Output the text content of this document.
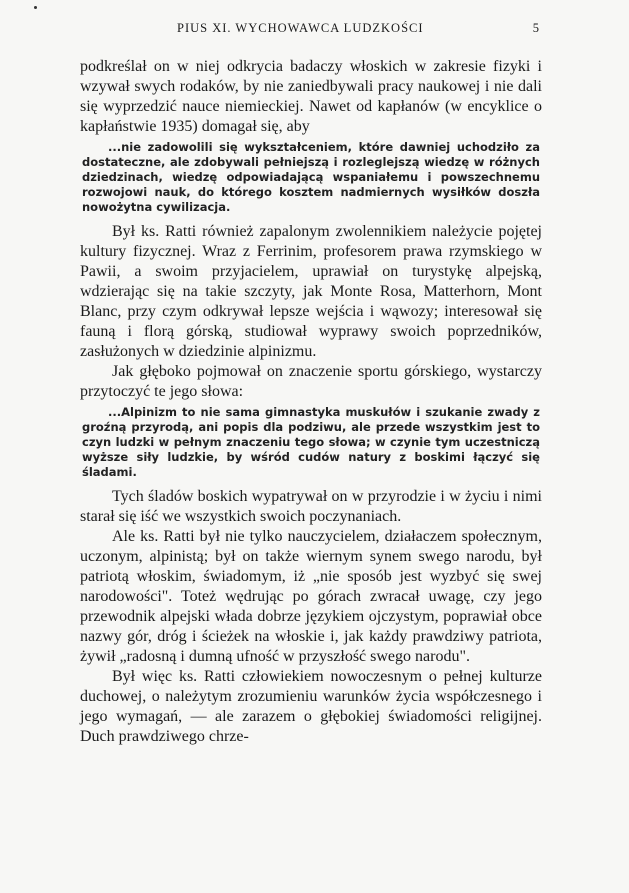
PIUS XI. WYCHOWAWCA LUDZKOŚCI	5

podkreślał on w niej odkrycia badaczy włoskich w zakresie fizyki i wzywał swych rodaków, by nie zaniedbywali pracy naukowej i nie dali się wyprzedzić nauce niemieckiej. Nawet od kapłanów (w encyklice o kapłaństwie 1935) domagał się, aby

...nie zadowolili się wykształceniem, które dawniej uchodziło za dostateczne, ale zdobywali pełniejszą i rozleglejszą wiedzę w różnych dziedzinach, wiedzę odpowiadającą wspaniałemu i powszechnemu rozwojowi nauk, do którego kosztem nadmiernych wysiłków doszła nowożytna cywilizacja.

Był ks. Ratti również zapalonym zwolennikiem należycie pojętej kultury fizycznej. Wraz z Ferrinim, profesorem prawa rzymskiego w Pawii, a swoim przyjacielem, uprawiał on turystykę alpejską, wdzierając się na takie szczyty, jak Monte Rosa, Matterhorn, Mont Blanc, przy czym odkrywał lepsze wejścia i wąwozy; interesował się fauną i florą górską, studiował wyprawy swoich poprzedników, zasłużonych w dziedzinie alpinizmu.

Jak głęboko pojmował on znaczenie sportu górskiego, wystarczy przytoczyć te jego słowa:

...Alpinizm to nie sama gimnastyka muskułów i szukanie zwady z groźną przyrodą, ani popis dla podziwu, ale przede wszystkim jest to czyn ludzki w pełnym znaczeniu tego słowa; w czynie tym uczestniczą wyższe siły ludzkie, by wśród cudów natury z boskimi łączyć się śladami.

Tych śladów boskich wypatrywał on w przyrodzie i w życiu i nimi starał się iść we wszystkich swoich poczynaniach.

Ale ks. Ratti był nie tylko nauczycielem, działaczem społecznym, uczonym, alpinistą; był on także wiernym synem swego narodu, był patriotą włoskim, świadomym, iż „nie sposób jest wyzbyć się swej narodowości". Toteż wędrując po górach zwracał uwagę, czy jego przewodnik alpejski włada dobrze językiem ojczystym, poprawiał obce nazwy gór, dróg i ścieżek na włoskie i, jak każdy prawdziwy patriota, żywił „radosną i dumną ufność w przyszłość swego narodu".

Był więc ks. Ratti człowiekiem nowoczesnym o pełnej kulturze duchowej, o należytym zrozumieniu warunków życia współczesnego i jego wymagań, — ale zarazem o głębokiej świadomości religijnej. Duch prawdziwego chrze-
